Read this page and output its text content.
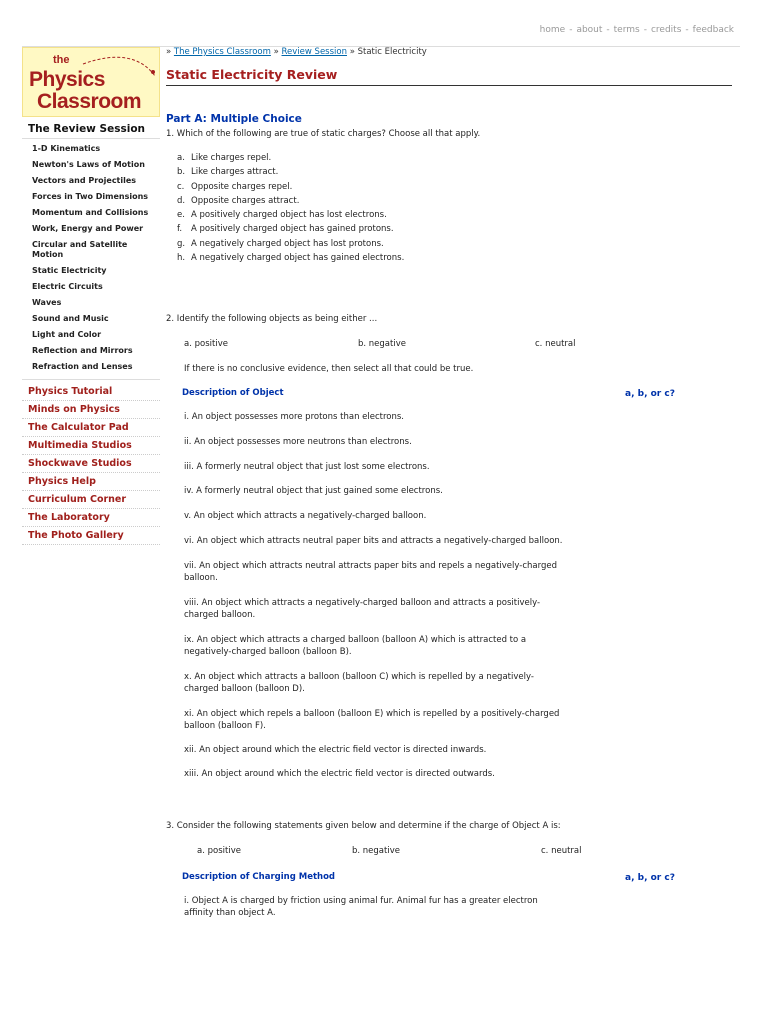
home - about - terms - credits - feedback
the
Physics
Classroom
The Review Session
1-D Kinematics
Newton's Laws of Motion
Vectors and Projectiles
Forces in Two Dimensions
Momentum and Collisions
Work, Energy and Power
Circular and Satellite Motion
Static Electricity
Electric Circuits
Waves
Sound and Music
Light and Color
Reflection and Mirrors
Refraction and Lenses
Physics Tutorial
Minds on Physics
The Calculator Pad
Multimedia Studios
Shockwave Studios
Physics Help
Curriculum Corner
The Laboratory
The Photo Gallery
» The Physics Classroom » Review Session » Static Electricity
Static Electricity Review
Part A: Multiple Choice
1. Which of the following are true of static charges? Choose all that apply.
a. Like charges repel.
b. Like charges attract.
c. Opposite charges repel.
d. Opposite charges attract.
e. A positively charged object has lost electrons.
f. A positively charged object has gained protons.
g. A negatively charged object has lost protons.
h. A negatively charged object has gained electrons.
2. Identify the following objects as being either ...
a. positive	b. negative	c. neutral
If there is no conclusive evidence, then select all that could be true.
Description of Object	a, b, or c?
i. An object possesses more protons than electrons.
ii. An object possesses more neutrons than electrons.
iii. A formerly neutral object that just lost some electrons.
iv. A formerly neutral object that just gained some electrons.
v. An object which attracts a negatively-charged balloon.
vi. An object which attracts neutral paper bits and attracts a negatively-charged balloon.
vii. An object which attracts neutral attracts paper bits and repels a negatively-charged balloon.
viii. An object which attracts a negatively-charged balloon and attracts a positively-charged balloon.
ix. An object which attracts a charged balloon (balloon A) which is attracted to a negatively-charged balloon (balloon B).
x. An object which attracts a balloon (balloon C) which is repelled by a negatively-charged balloon (balloon D).
xi. An object which repels a balloon (balloon E) which is repelled by a positively-charged balloon (balloon F).
xii. An object around which the electric field vector is directed inwards.
xiii. An object around which the electric field vector is directed outwards.
3. Consider the following statements given below and determine if the charge of Object A is:
a. positive	b. negative	c. neutral
Description of Charging Method	a, b, or c?
i. Object A is charged by friction using animal fur. Animal fur has a greater electron affinity than object A.
